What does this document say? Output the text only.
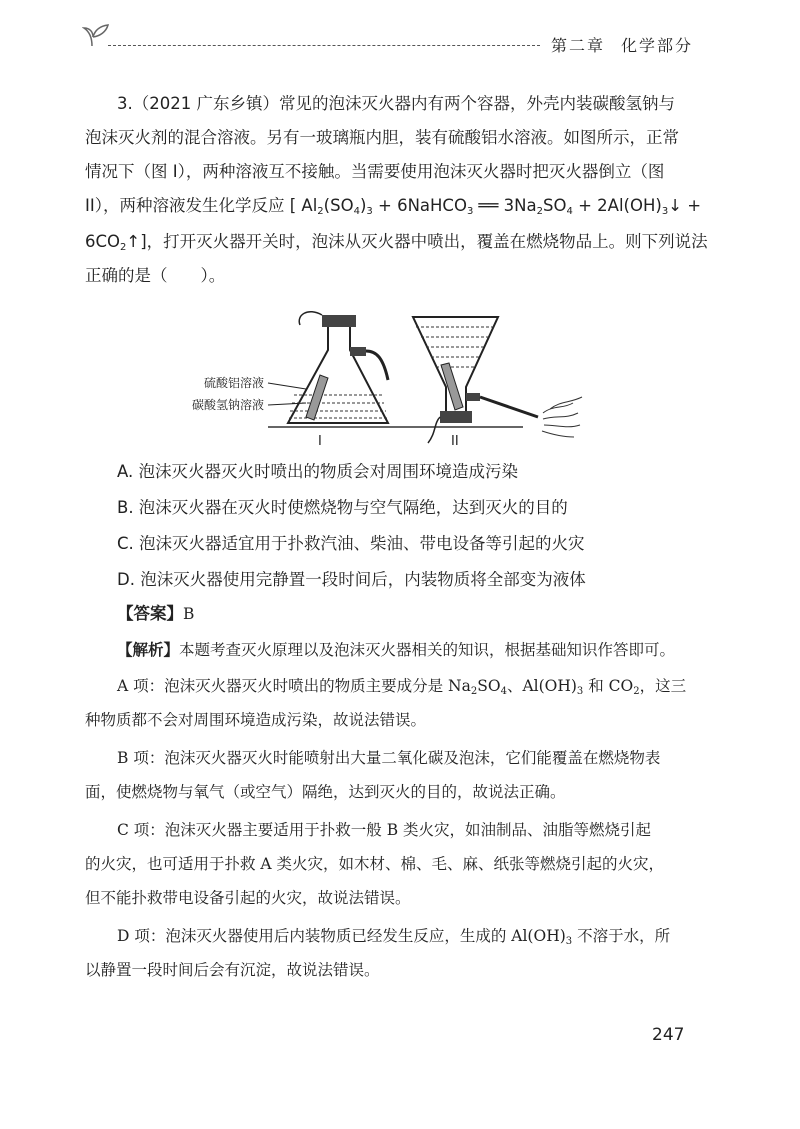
第二章 化学部分
3.（2021 广东乡镇）常见的泡沫灭火器内有两个容器，外壳内装碳酸氢钠与
泡沫灭火剂的混合溶液。另有一玻璃瓶内胆，装有硫酸铝水溶液。如图所示，正常
情况下（图 I），两种溶液互不接触。当需要使用泡沫灭火器时把灭火器倒立（图
II），两种溶液发生化学反应 [ $Al_2(SO_4)_3$ + 6NaHCO$_3$ ══ $3Na_2SO_4$ + $2Al(OH)_3↓$ +
$6CO_2↑$]，打开灭火器开关时，泡沫从灭火器中喷出，覆盖在燃烧物品上。则下列说法
正确的是（　　）。
硫酸铝溶液
碳酸氢钠溶液
I	II
A. 泡沫灭火器灭火时喷出的物质会对周围环境造成污染
B. 泡沫灭火器在灭火时使燃烧物与空气隔绝，达到灭火的目的
C. 泡沫灭火器适宜用于扑救汽油、柴油、带电设备等引起的火灾
D. 泡沫灭火器使用完静置一段时间后，内装物质将全部变为液体
【答案】B
【解析】本题考查灭火原理以及泡沫灭火器相关的知识，根据基础知识作答即可。
A 项：泡沫灭火器灭火时喷出的物质主要成分是 $Na_2SO_4$、$Al(OH)_3$ 和 $CO_2$，这三
种物质都不会对周围环境造成污染，故说法错误。
B 项：泡沫灭火器灭火时能喷射出大量二氧化碳及泡沫，它们能覆盖在燃烧物表
面，使燃烧物与氧气（或空气）隔绝，达到灭火的目的，故说法正确。
C 项：泡沫灭火器主要适用于扑救一般 B 类火灾，如油制品、油脂等燃烧引起
的火灾，也可适用于扑救 A 类火灾，如木材、棉、毛、麻、纸张等燃烧引起的火灾，
但不能扑救带电设备引起的火灾，故说法错误。
D 项：泡沫灭火器使用后内装物质已经发生反应，生成的 $Al(OH)_3$ 不溶于水，所
以静置一段时间后会有沉淀，故说法错误。
247
